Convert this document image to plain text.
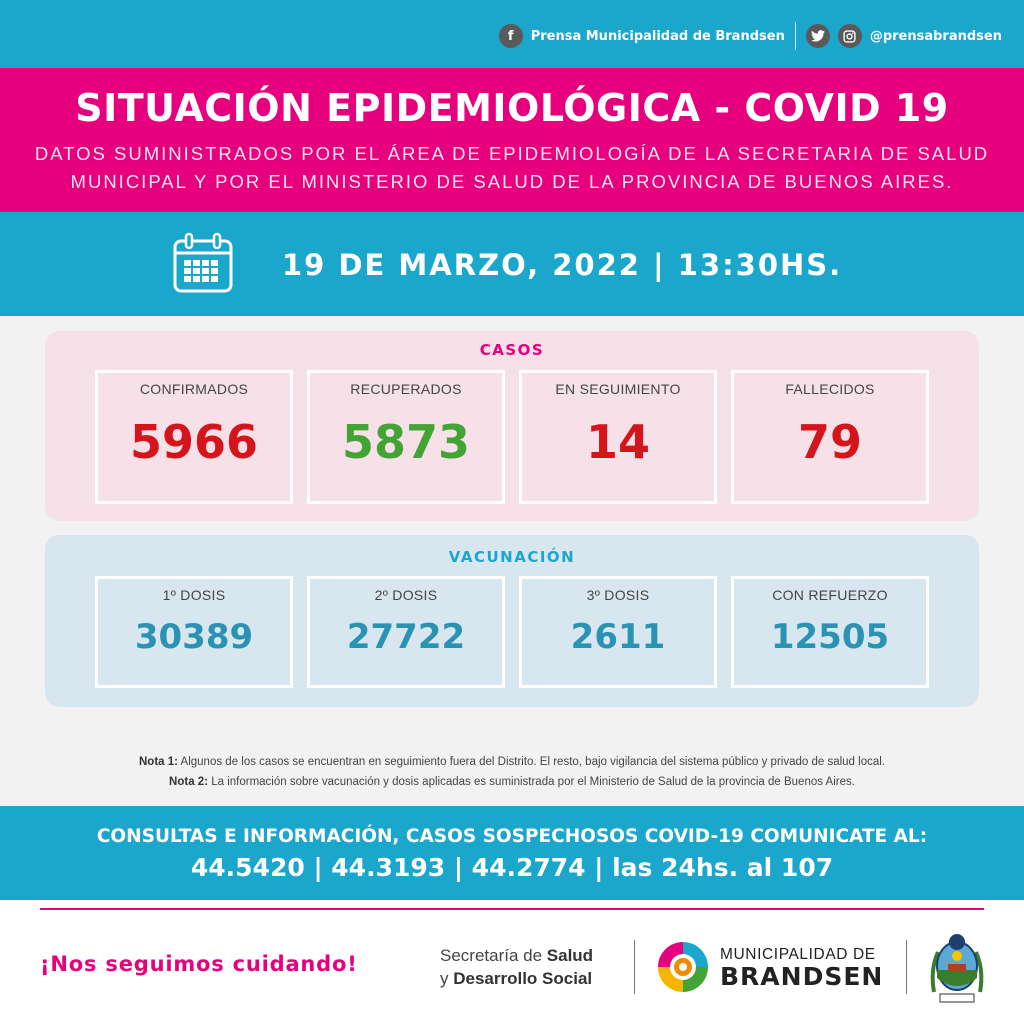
f	Prensa Municipalidad de Brandsen	@prensabrandsen
SITUACIÓN EPIDEMIOLÓGICA - COVID 19
DATOS SUMINISTRADOS POR EL ÁREA DE EPIDEMIOLOGÍA DE LA SECRETARIA DE SALUD
MUNICIPAL Y POR EL MINISTERIO DE SALUD DE LA PROVINCIA DE BUENOS AIRES.
19 DE MARZO, 2022 | 13:30HS.
CASOS
CONFIRMADOS
5966
RECUPERADOS
5873
EN SEGUIMIENTO
14
FALLECIDOS
79
VACUNACIÓN
1º DOSIS
30389
2º DOSIS
27722
3º DOSIS
2611
CON REFUERZO
12505
Nota 1: Algunos de los casos se encuentran en seguimiento fuera del Distrito. El resto, bajo vigilancia del sistema público y privado de salud local.
Nota 2: La información sobre vacunación y dosis aplicadas es suministrada por el Ministerio de Salud de la provincia de Buenos Aires.
CONSULTAS E INFORMACIÓN, CASOS SOSPECHOSOS COVID-19 COMUNICATE AL:
44.5420 | 44.3193 | 44.2774 | las 24hs. al 107
¡Nos seguimos cuidando!	Secretaría de Salud
y Desarrollo Social
MUNICIPALIDAD DE
BRANDSEN
